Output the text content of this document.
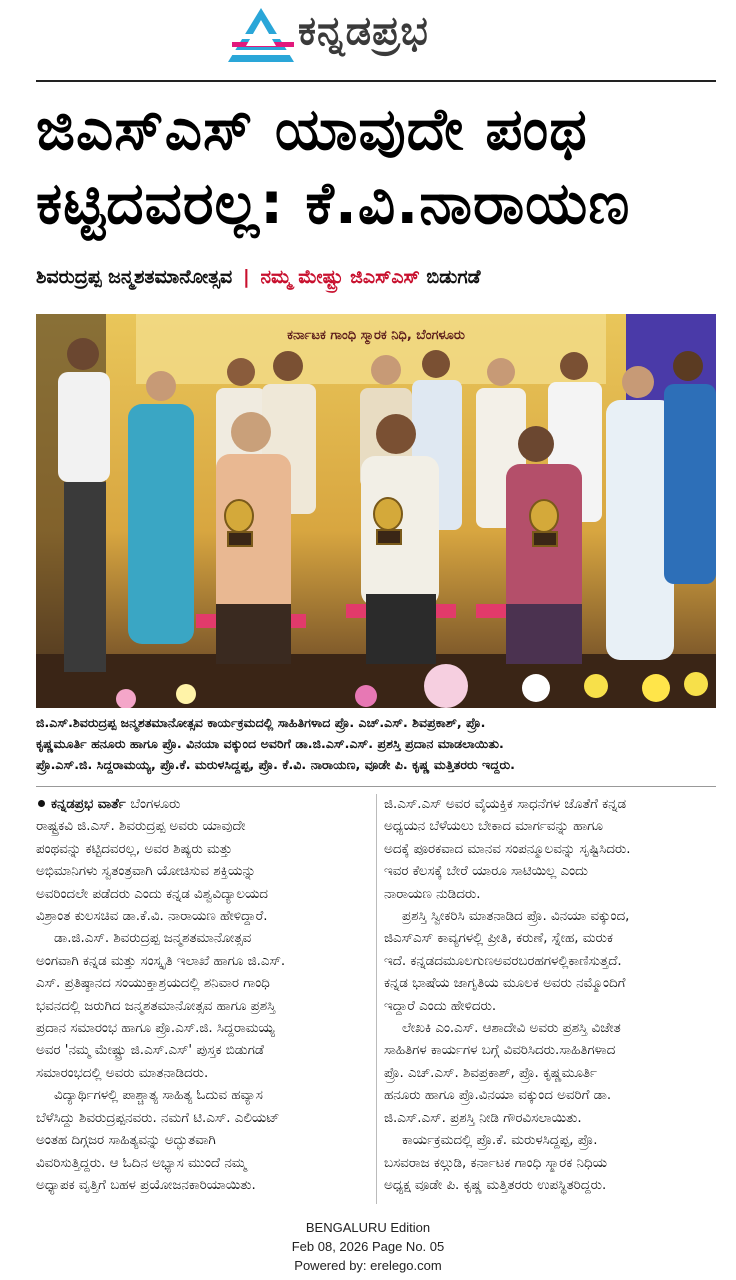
ಕನ್ನಡಪ್ರಭ
ಜಿಎಸ್‌ಎಸ್ ಯಾವುದೇ ಪಂಥ
ಕಟ್ಟಿದವರಲ್ಲ: ಕೆ.ವಿ.ನಾರಾಯಣ
ಶಿವರುದ್ರಪ್ಪ ಜನ್ಮಶತಮಾನೋತ್ಸವ | ನಮ್ಮ ಮೇಷ್ಟ್ರು ಜಿಎಸ್‌ಎಸ್ ಬಿಡುಗಡೆ
ಕರ್ನಾಟಕ ಗಾಂಧಿ ಸ್ಮಾರಕ ನಿಧಿ, ಬೆಂಗಳೂರು
ಜಿ.ಎಸ್.ಶಿವರುದ್ರಪ್ಪ ಜನ್ಮಶತಮಾನೋತ್ಸವ ಕಾರ್ಯಕ್ರಮದಲ್ಲಿ ಸಾಹಿತಿಗಳಾದ ಪ್ರೊ. ಎಚ್.ಎಸ್. ಶಿವಪ್ರಕಾಶ್, ಪ್ರೊ.
ಕೃಷ್ಣಮೂರ್ತಿ ಹನೂರು ಹಾಗೂ ಪ್ರೊ. ವಿನಯಾ ವಕ್ಕುಂದ ಅವರಿಗೆ ಡಾ.ಜಿ.ಎಸ್.ಎಸ್. ಪ್ರಶಸ್ತಿ ಪ್ರದಾನ ಮಾಡಲಾಯಿತು.
ಪ್ರೊ.ಎಸ್.ಜಿ. ಸಿದ್ದರಾಮಯ್ಯ, ಪ್ರೊ.ಕೆ. ಮರುಳಸಿದ್ದಪ್ಪ, ಪ್ರೊ. ಕೆ.ವಿ. ನಾರಾಯಣ, ವೂಡೇ ಪಿ. ಕೃಷ್ಣ ಮತ್ತಿತರರು ಇದ್ದರು.
ಕನ್ನಡಪ್ರಭ ವಾರ್ತೆ ಬೆಂಗಳೂರು

ರಾಷ್ಟ್ರಕವಿ ಜಿ.ಎಸ್. ಶಿವರುದ್ರಪ್ಪ ಅವರು ಯಾವುದೇ

ಪಂಥವನ್ನು ಕಟ್ಟಿದವರಲ್ಲ, ಅವರ ಶಿಷ್ಯರು ಮತ್ತು

ಅಭಿಮಾನಿಗಳು ಸ್ವತಂತ್ರವಾಗಿ ಯೋಚಿಸುವ ಶಕ್ತಿಯನ್ನು

ಅವರಿಂದಲೇ ಪಡೆದರು ಎಂದು ಕನ್ನಡ ವಿಶ್ವವಿದ್ಯಾಲಯದ

ವಿಶ್ರಾಂತ ಕುಲಸಚಿವ ಡಾ.ಕೆ.ವಿ. ನಾರಾಯಣ ಹೇಳಿದ್ದಾರೆ.

ಡಾ.ಜಿ.ಎಸ್. ಶಿವರುದ್ರಪ್ಪ ಜನ್ಮಶತಮಾನೋತ್ಸವ

ಅಂಗವಾಗಿ ಕನ್ನಡ ಮತ್ತು ಸಂಸ್ಕೃತಿ ಇಲಾಖೆ ಹಾಗೂ ಜಿ.ಎಸ್.

ಎಸ್. ಪ್ರತಿಷ್ಠಾನದ ಸಂಯುಕ್ತಾಶ್ರಯದಲ್ಲಿ ಶನಿವಾರ ಗಾಂಧಿ

ಭವನದಲ್ಲಿ ಜರುಗಿದ ಜನ್ಮಶತಮಾನೋತ್ಸವ ಹಾಗೂ ಪ್ರಶಸ್ತಿ

ಪ್ರದಾನ ಸಮಾರಂಭ ಹಾಗೂ ಪ್ರೊ.ಎಸ್.ಜಿ. ಸಿದ್ದರಾಮಯ್ಯ

ಅವರ 'ನಮ್ಮ ಮೇಷ್ಟ್ರು ಜಿ.ಎಸ್.ಎಸ್' ಪುಸ್ತಕ ಬಿಡುಗಡೆ

ಸಮಾರಂಭದಲ್ಲಿ ಅವರು ಮಾತನಾಡಿದರು.

ವಿದ್ಯಾರ್ಥಿಗಳಲ್ಲಿ ಪಾಶ್ಚಾತ್ಯ ಸಾಹಿತ್ಯ ಓದುವ ಹವ್ಯಾಸ

ಬೆಳೆಸಿದ್ದು ಶಿವರುದ್ರಪ್ಪನವರು. ನಮಗೆ ಟಿ.ಎಸ್. ಎಲಿಯಟ್

ಅಂತಹ ದಿಗ್ಗಜರ ಸಾಹಿತ್ಯವನ್ನು ಅದ್ಭುತವಾಗಿ

ವಿವರಿಸುತ್ತಿದ್ದರು. ಆ ಓದಿನ ಅಭ್ಯಾಸ ಮುಂದೆ ನಮ್ಮ

ಅಧ್ಯಾಪಕ ವೃತ್ತಿಗೆ ಬಹಳ ಪ್ರಯೋಜನಕಾರಿಯಾಯಿತು.

ಜಿ.ಎಸ್.ಎಸ್ ಅವರ ವೈಯಕ್ತಿಕ ಸಾಧನೆಗಳ ಜೊತೆಗೆ ಕನ್ನಡ

ಅಧ್ಯಯನ ಬೆಳೆಯಲು ಬೇಕಾದ ಮಾರ್ಗವನ್ನು ಹಾಗೂ

ಅದಕ್ಕೆ ಪೂರಕವಾದ ಮಾನವ ಸಂಪನ್ಮೂಲವನ್ನು ಸೃಷ್ಟಿಸಿದರು.

ಇವರ ಕೆಲಸಕ್ಕೆ ಬೇರೆ ಯಾರೂ ಸಾಟಿಯಿಲ್ಲ ಎಂದು

ನಾರಾಯಣ ನುಡಿದರು.

ಪ್ರಶಸ್ತಿ ಸ್ವೀಕರಿಸಿ ಮಾತನಾಡಿದ ಪ್ರೊ. ವಿನಯಾ ವಕ್ಕುಂದ,

ಜಿಎಸ್‌ಎಸ್ ಕಾವ್ಯಗಳಲ್ಲಿ ಪ್ರೀತಿ, ಕರುಣೆ, ಸ್ನೇಹ, ಮರುಕ

ಇದೆ. ಕನ್ನಡದಮೂಲಗುಣಅವರಬರಹಗಳಲ್ಲಿಕಾಣಿಸುತ್ತದೆ.

ಕನ್ನಡ ಭಾಷೆಯ ಜಾಗೃತಿಯ ಮೂಲಕ ಅವರು ನಮ್ಮೊಂದಿಗೆ

ಇದ್ದಾರೆ ಎಂದು ಹೇಳಿದರು.

ಲೇಖಕಿ ಎಂ.ಎಸ್. ಆಶಾದೇವಿ ಅವರು ಪ್ರಶಸ್ತಿ ವಿಜೇತ

ಸಾಹಿತಿಗಳ ಕಾರ್ಯಗಳ ಬಗ್ಗೆ ವಿವರಿಸಿದರು.ಸಾಹಿತಿಗಳಾದ

ಪ್ರೊ. ಎಚ್.ಎಸ್. ಶಿವಪ್ರಕಾಶ್, ಪ್ರೊ. ಕೃಷ್ಣಮೂರ್ತಿ

ಹನೂರು ಹಾಗೂ ಪ್ರೊ.ವಿನಯಾ ವಕ್ಕುಂದ ಅವರಿಗೆ ಡಾ.

ಜಿ.ಎಸ್.ಎಸ್. ಪ್ರಶಸ್ತಿ ನೀಡಿ ಗೌರವಿಸಲಾಯಿತು.

ಕಾರ್ಯಕ್ರಮದಲ್ಲಿ ಪ್ರೊ.ಕೆ. ಮರುಳಸಿದ್ದಪ್ಪ, ಪ್ರೊ.

ಬಸವರಾಜ ಕಲ್ಗುಡಿ, ಕರ್ನಾಟಕ ಗಾಂಧಿ ಸ್ಮಾರಕ ನಿಧಿಯ

ಅಧ್ಯಕ್ಷ ವೂಡೇ ಪಿ. ಕೃಷ್ಣ ಮತ್ತಿತರರು ಉಪಸ್ಥಿತರಿದ್ದರು.

BENGALURU Edition
Feb 08, 2026 Page No. 05
Powered by: erelego.com
